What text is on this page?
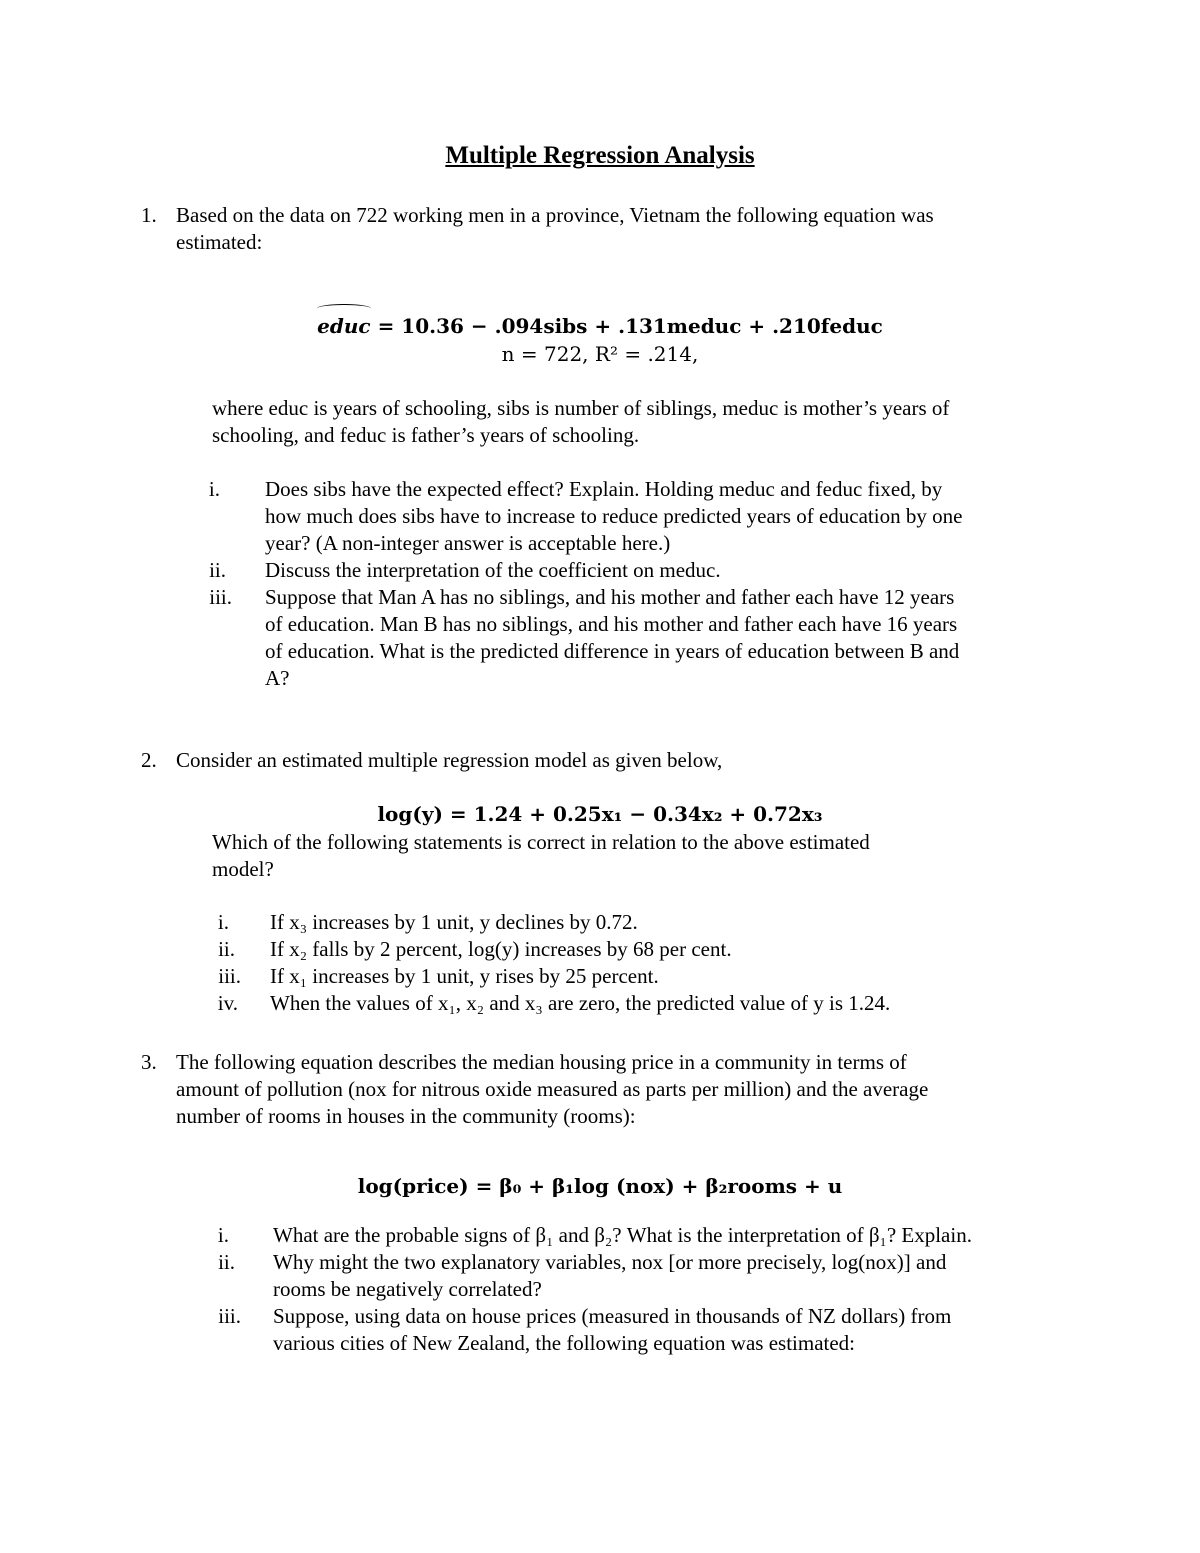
Multiple Regression Analysis
1. Based on the data on 722 working men in a province, Vietnam the following equation was
estimated:
educ = 10.36 − .094sibs + .131meduc + .210feduc
n = 722, R² = .214,
where educ is years of schooling, sibs is number of siblings, meduc is mother’s years of
schooling, and feduc is father’s years of schooling.
i. Does sibs have the expected effect? Explain. Holding meduc and feduc fixed, by
how much does sibs have to increase to reduce predicted years of education by one
year? (A non-integer answer is acceptable here.)
ii. Discuss the interpretation of the coefficient on meduc.
iii. Suppose that Man A has no siblings, and his mother and father each have 12 years
of education. Man B has no siblings, and his mother and father each have 16 years
of education. What is the predicted difference in years of education between B and
A?
2. Consider an estimated multiple regression model as given below,
log(y) = 1.24 + 0.25x₁ − 0.34x₂ + 0.72x₃
Which of the following statements is correct in relation to the above estimated
model?
i. If x₃ increases by 1 unit, y declines by 0.72.
ii. If x₂ falls by 2 percent, log(y) increases by 68 per cent.
iii. If x₁ increases by 1 unit, y rises by 25 percent.
iv. When the values of x₁, x₂ and x₃ are zero, the predicted value of y is 1.24.
3. The following equation describes the median housing price in a community in terms of
amount of pollution (nox for nitrous oxide measured as parts per million) and the average
number of rooms in houses in the community (rooms):
log(price) = β₀ + β₁log (nox) + β₂rooms + u
i. What are the probable signs of β₁ and β₂? What is the interpretation of β₁? Explain.
ii. Why might the two explanatory variables, nox [or more precisely, log(nox)] and
rooms be negatively correlated?
iii. Suppose, using data on house prices (measured in thousands of NZ dollars) from
various cities of New Zealand, the following equation was estimated:
